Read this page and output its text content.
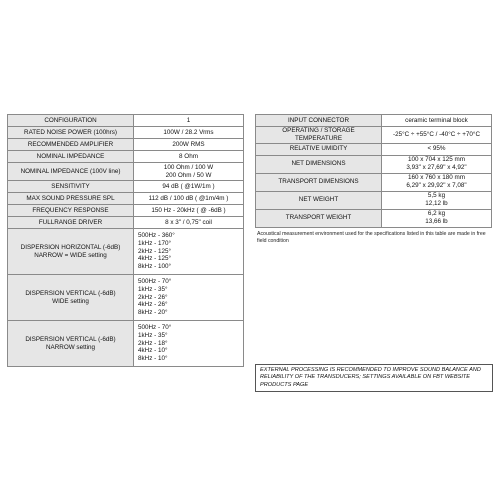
CONFIGURATION	1
RATED NOISE POWER (100hrs)	100W / 28.2 Vrms
RECOMMENDED AMPLIFIER	200W RMS
NOMINAL IMPEDANCE	8 Ohm
NOMINAL IMPEDANCE (100V line)	100 Ohm / 100 W
200 Ohm / 50 W

SENSITIVITY	94 dB ( @1W/1m )
MAX SOUND PRESSURE SPL	112 dB / 100 dB ( @1m/4m )
FREQUENCY RESPONSE	150 Hz - 20kHz ( @ -6dB )
FULLRANGE DRIVER	8 x 3" / 0,75" coil

DISPERSION HORIZONTAL (-6dB)
NARROW = WIDE setting	500Hz - 360°
1kHz - 170°
2kHz - 125°
4kHz - 125°
8kHz - 100°

DISPERSION VERTICAL (-6dB)
WIDE setting	500Hz - 70°
1kHz - 35°
2kHz - 26°
4kHz - 26°
8kHz - 20°

DISPERSION VERTICAL (-6dB)
NARROW setting	500Hz - 70°
1kHz - 35°
2kHz - 18°
4kHz - 10°
8kHz - 10°
INPUT CONNECTOR	ceramic terminal block
OPERATING / STORAGE TEMPERATURE	-25°C ÷ +55°C / -40°C ÷ +70°C
RELATIVE UMIDITY	< 95%
NET DIMENSIONS	100 x 704 x 125 mm
3,93" x 27,69" x 4,92"

TRANSPORT DIMENSIONS	160 x 760 x 180 mm
6,29" x 29,92" x 7,08"

NET WEIGHT	5,5 kg
12,12 lb

TRANSPORT WEIGHT	6,2 kg
13,66 lb
Acoustical measurement environment used for the specifications listed in this table are made in free field condition
EXTERNAL PROCESSING IS RECOMMENDED TO IMPROVE SOUND BALANCE AND RELIABILITY OF THE TRANSDUCERS; SETTINGS AVAILABLE ON FBT WEBSITE PRODUCTS PAGE
